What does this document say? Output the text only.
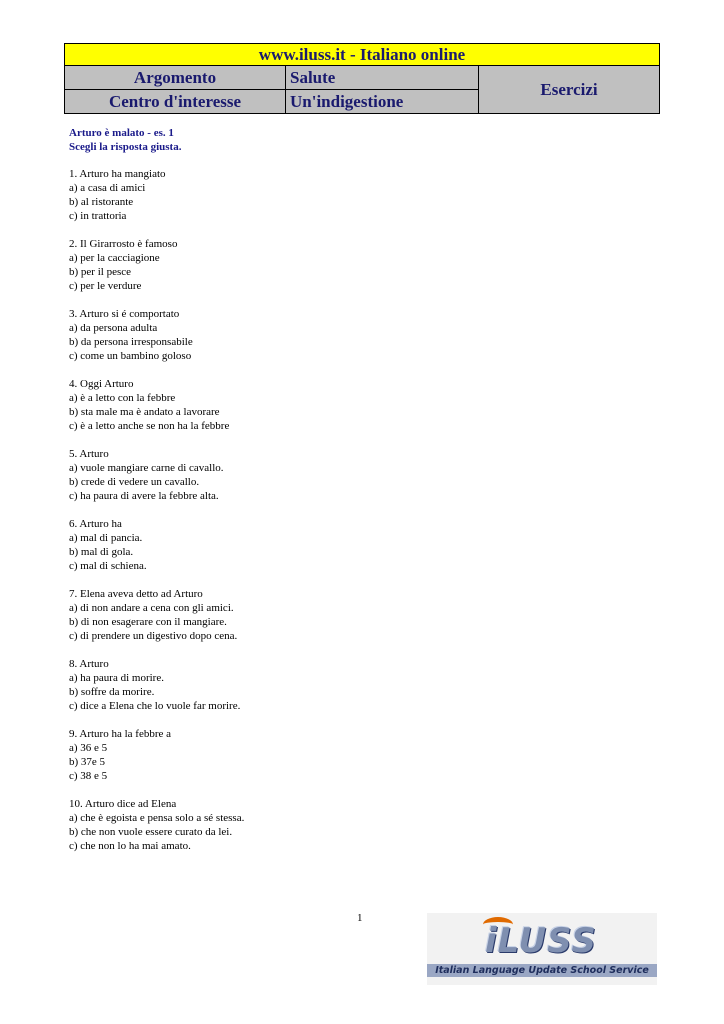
www.iluss.it - Italiano online		
Argomento	Salute	Esercizi
Centro d'interesse	Un'indigestione	
Arturo è malato - es. 1
Scegli la risposta giusta.
1. Arturo ha mangiato
a) a casa di amici
b) al ristorante
c) in trattoria
2. Il Girarrosto è famoso
a) per la cacciagione
b) per il pesce
c) per le verdure
3. Arturo si é comportato
a) da persona adulta
b) da persona irresponsabile
c) come un bambino goloso
4. Oggi Arturo
a) è a letto con la febbre
b) sta male ma è andato a lavorare
c) è a letto anche se non ha la febbre
5. Arturo
a) vuole mangiare carne di cavallo.
b) crede di vedere un cavallo.
c) ha paura di avere la febbre alta.
6. Arturo ha
a) mal di pancia.
b) mal di gola.
c) mal di schiena.
7. Elena aveva detto ad Arturo
a) di non andare a cena con gli amici.
b) di non esagerare con il mangiare.
c) di prendere un digestivo dopo cena.
8. Arturo
a) ha paura di morire.
b) soffre da morire.
c) dice a Elena che lo vuole far morire.
9. Arturo ha la febbre a
a) 36 e 5
b) 37e 5
c) 38 e 5
10. Arturo dice ad Elena
a) che è egoista e pensa solo a sé stessa.
b) che non vuole essere curato da lei.
c) che non lo ha mai amato.
1
iLUSS
Italian Language Update School Service
